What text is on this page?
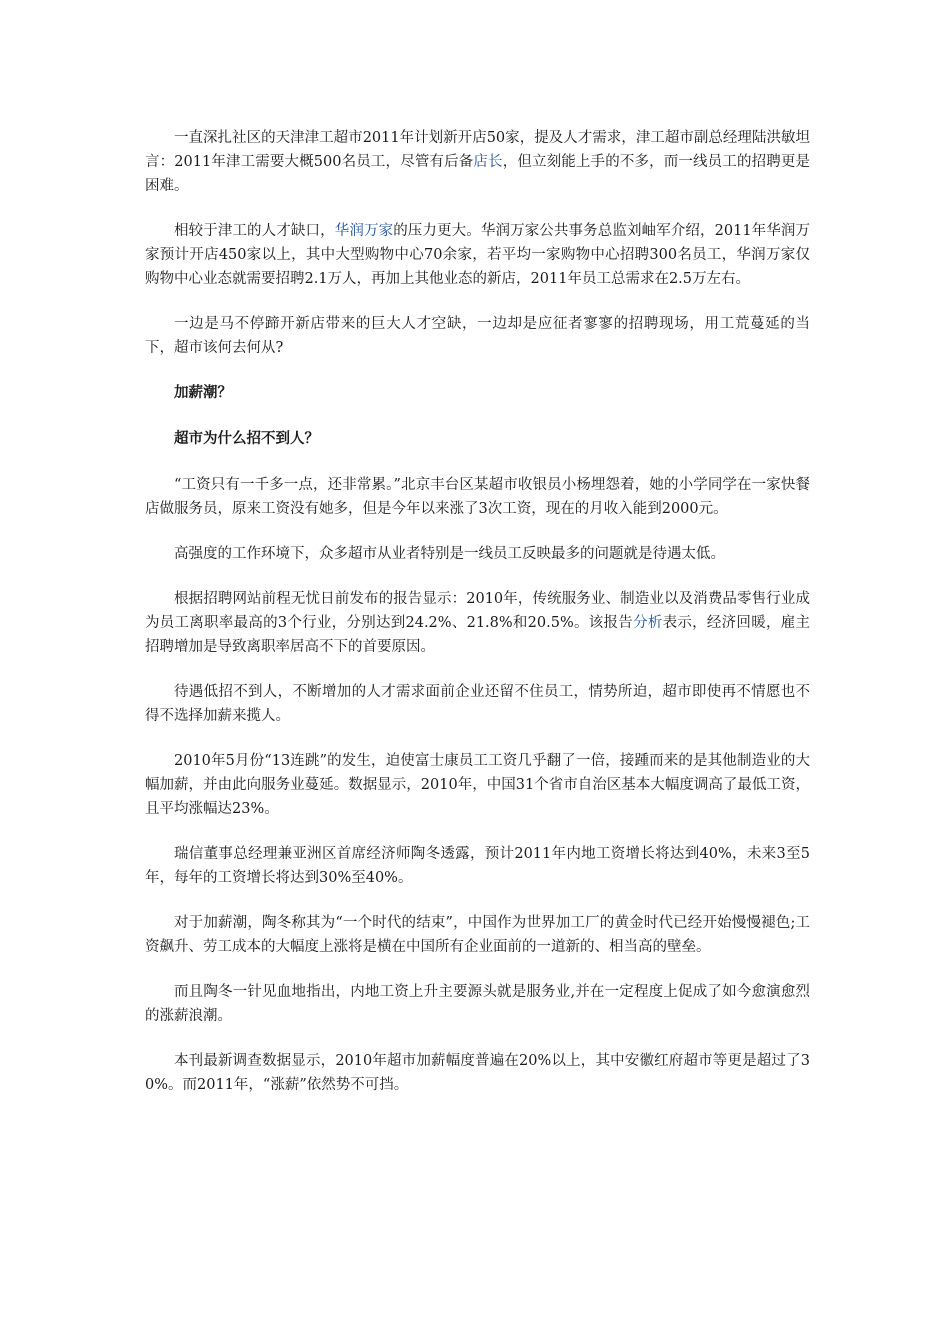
一直深扎社区的天津津工超市2011年计划新开店50家，提及人才需求，津工超市副总经理陆洪敏坦言：2011年津工需要大概500名员工，尽管有后备店长，但立刻能上手的不多，而一线员工的招聘更是困难。

相较于津工的人才缺口，华润万家的压力更大。华润万家公共事务总监刘岫军介绍，2011年华润万家预计开店450家以上，其中大型购物中心70余家，若平均一家购物中心招聘300名员工，华润万家仅购物中心业态就需要招聘2.1万人，再加上其他业态的新店，2011年员工总需求在2.5万左右。

一边是马不停蹄开新店带来的巨大人才空缺，一边却是应征者寥寥的招聘现场，用工荒蔓延的当下，超市该何去何从?

加薪潮？

超市为什么招不到人？

“工资只有一千多一点，还非常累。”北京丰台区某超市收银员小杨埋怨着，她的小学同学在一家快餐店做服务员，原来工资没有她多，但是今年以来涨了3次工资，现在的月收入能到2000元。

高强度的工作环境下，众多超市从业者特别是一线员工反映最多的问题就是待遇太低。

根据招聘网站前程无忧日前发布的报告显示：2010年，传统服务业、制造业以及消费品零售行业成为员工离职率最高的3个行业，分别达到24.2%、21.8%和20.5%。该报告分析表示，经济回暖，雇主招聘增加是导致离职率居高不下的首要原因。

待遇低招不到人，不断增加的人才需求面前企业还留不住员工，情势所迫，超市即使再不情愿也不得不选择加薪来揽人。

2010年5月份“13连跳”的发生，迫使富士康员工工资几乎翻了一倍，接踵而来的是其他制造业的大幅加薪，并由此向服务业蔓延。数据显示，2010年，中国31个省市自治区基本大幅度调高了最低工资，且平均涨幅达23%。

瑞信董事总经理兼亚洲区首席经济师陶冬透露，预计2011年内地工资增长将达到40%，未来3至5年，每年的工资增长将达到30%至40%。

对于加薪潮，陶冬称其为“一个时代的结束”，中国作为世界加工厂的黄金时代已经开始慢慢褪色;工资飙升、劳工成本的大幅度上涨将是横在中国所有企业面前的一道新的、相当高的壁垒。

而且陶冬一针见血地指出，内地工资上升主要源头就是服务业,并在一定程度上促成了如今愈演愈烈的涨薪浪潮。

本刊最新调查数据显示，2010年超市加薪幅度普遍在20%以上，其中安徽红府超市等更是超过了30%。而2011年，“涨薪”依然势不可挡。
